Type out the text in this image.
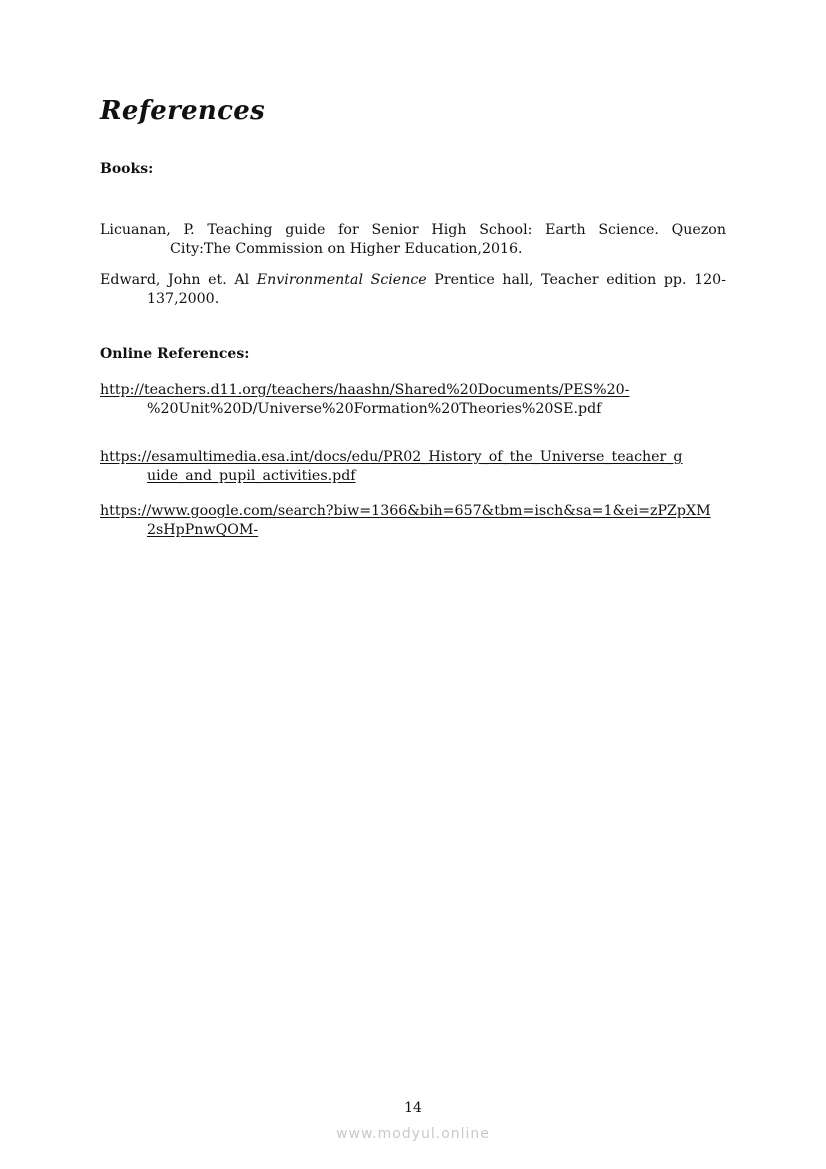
References
Books:

Licuanan, P. Teaching guide for Senior High School: Earth Science. Quezon
City:The Commission on Higher Education,2016.

Edward, John et. Al Environmental Science Prentice hall, Teacher edition pp. 120-
137,2000.

Online References:

http://teachers.d11.org/teachers/haashn/Shared%20Documents/PES%20-
%20Unit%20D/Universe%20Formation%20Theories%20SE.pdf

https://esamultimedia.esa.int/docs/edu/PR02_History_of_the_Universe_teacher_g
uide_and_pupil_activities.pdf

https://www.google.com/search?biw=1366&bih=657&tbm=isch&sa=1&ei=zPZpXM
2sHpPnwQOM-

14

www.modyul.online
